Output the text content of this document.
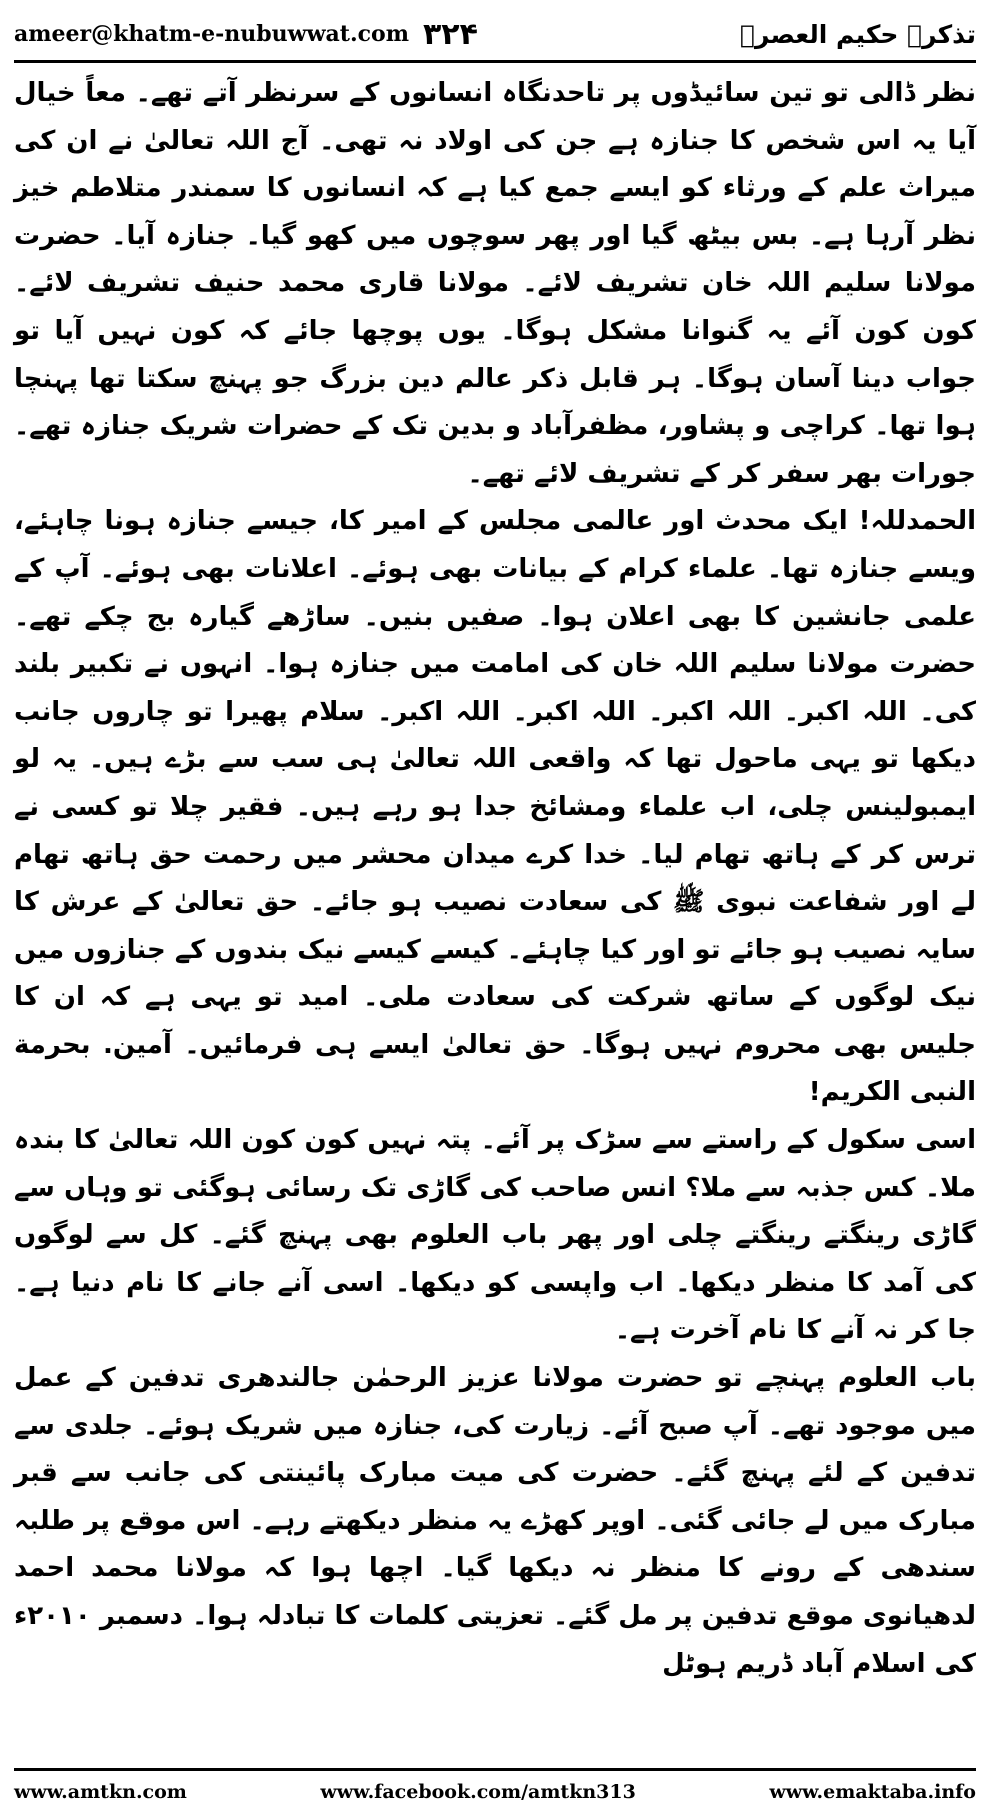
ameer@khatm-e-nubuwwat.com ۳۲۴	تذکرہ حکیم العصرؒ

نظر ڈالی تو تین سائیڈوں پر تاحدنگاہ انسانوں کے سرنظر آتے تھے۔ معاً خیال آیا یہ اس شخص کا جنازہ ہے جن کی اولاد نہ تھی۔ آج اللہ تعالیٰ نے ان کی میراث علم کے ورثاء کو ایسے جمع کیا ہے کہ انسانوں کا سمندر متلاطم خیز نظر آرہا ہے۔ بس بیٹھ گیا اور پھر سوچوں میں کھو گیا۔ جنازہ آیا۔ حضرت مولانا سلیم اللہ خان تشریف لائے۔ مولانا قاری محمد حنیف تشریف لائے۔ کون کون آئے یہ گنوانا مشکل ہوگا۔ یوں پوچھا جائے کہ کون نہیں آیا تو جواب دینا آسان ہوگا۔ ہر قابل ذکر عالم دین بزرگ جو پہنچ سکتا تھا پہنچا ہوا تھا۔ کراچی و پشاور، مظفرآباد و بدین تک کے حضرات شریک جنازہ تھے۔ جورات بھر سفر کر کے تشریف لائے تھے۔

الحمدللہ! ایک محدث اور عالمی مجلس کے امیر کا، جیسے جنازہ ہونا چاہئے، ویسے جنازہ تھا۔ علماء کرام کے بیانات بھی ہوئے۔ اعلانات بھی ہوئے۔ آپ کے علمی جانشین کا بھی اعلان ہوا۔ صفیں بنیں۔ ساڑھے گیارہ بج چکے تھے۔ حضرت مولانا سلیم اللہ خان کی امامت میں جنازہ ہوا۔ انہوں نے تکبیر بلند کی۔ اللہ اکبر۔ اللہ اکبر۔ اللہ اکبر۔ اللہ اکبر۔ سلام پھیرا تو چاروں جانب دیکھا تو یہی ماحول تھا کہ واقعی اللہ تعالیٰ ہی سب سے بڑے ہیں۔ یہ لو ایمبولینس چلی، اب علماء ومشائخ جدا ہو رہے ہیں۔ فقیر چلا تو کسی نے ترس کر کے ہاتھ تھام لیا۔ خدا کرے میدان محشر میں رحمت حق ہاتھ تھام لے اور شفاعت نبوی ﷺ کی سعادت نصیب ہو جائے۔ حق تعالیٰ کے عرش کا سایہ نصیب ہو جائے تو اور کیا چاہئے۔ کیسے کیسے نیک بندوں کے جنازوں میں نیک لوگوں کے ساتھ شرکت کی سعادت ملی۔ امید تو یہی ہے کہ ان کا جلیس بھی محروم نہیں ہوگا۔ حق تعالیٰ ایسے ہی فرمائیں۔ آمین. بحرمة النبی الکریم!

اسی سکول کے راستے سے سڑک پر آئے۔ پتہ نہیں کون کون اللہ تعالیٰ کا بندہ ملا۔ کس جذبہ سے ملا؟ انس صاحب کی گاڑی تک رسائی ہوگئی تو وہاں سے گاڑی رینگتے رینگتے چلی اور پھر باب العلوم بھی پہنچ گئے۔ کل سے لوگوں کی آمد کا منظر دیکھا۔ اب واپسی کو دیکھا۔ اسی آنے جانے کا نام دنیا ہے۔ جا کر نہ آنے کا نام آخرت ہے۔

باب العلوم پہنچے تو حضرت مولانا عزیز الرحمٰن جالندھری تدفین کے عمل میں موجود تھے۔ آپ صبح آئے۔ زیارت کی، جنازہ میں شریک ہوئے۔ جلدی سے تدفین کے لئے پہنچ گئے۔ حضرت کی میت مبارک پائینتی کی جانب سے قبر مبارک میں لے جائی گئی۔ اوپر کھڑے یہ منظر دیکھتے رہے۔ اس موقع پر طلبہ سندھی کے رونے کا منظر نہ دیکھا گیا۔ اچھا ہوا کہ مولانا محمد احمد لدھیانوی موقع تدفین پر مل گئے۔ تعزیتی کلمات کا تبادلہ ہوا۔ دسمبر ۲۰۱۰ء کی اسلام آباد ڈریم ہوٹل

www.amtkn.com	www.facebook.com/amtkn313	www.emaktaba.info
